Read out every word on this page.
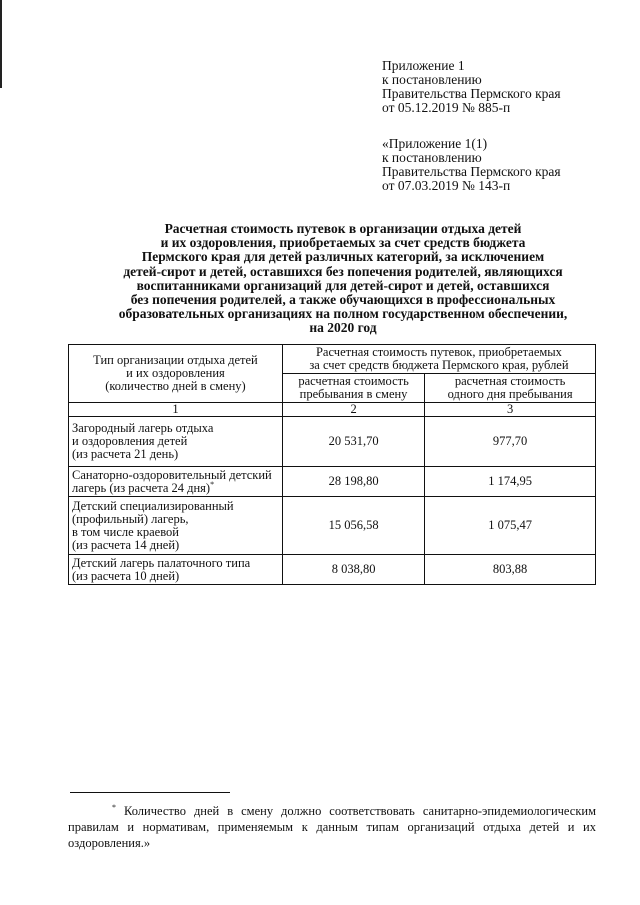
Приложение 1
к постановлению
Правительства Пермского края
от 05.12.2019 № 885-п
«Приложение 1(1)
к постановлению
Правительства Пермского края
от 07.03.2019 № 143-п
Расчетная стоимость путевок в организации отдыха детей
и их оздоровления, приобретаемых за счет средств бюджета
Пермского края для детей различных категорий, за исключением
детей-сирот и детей, оставшихся без попечения родителей, являющихся
воспитанниками организаций для детей-сирот и детей, оставшихся
без попечения родителей, а также обучающихся в профессиональных
образовательных организациях на полном государственном обеспечении,
на 2020 год
Тип организации отдыха детей
и их оздоровления
(количество дней в смену)	Расчетная стоимость путевок, приобретаемых
за счет средств бюджета Пермского края, рублей	

	расчетная стоимость
пребывания в смену	расчетная стоимость
одного дня пребывания

1	2	3

Загородный лагерь отдыха
и оздоровления детей
(из расчета 21 день)	20 531,70	977,70

Санаторно-оздоровительный детский
лагерь (из расчета 24 дня)*	28 198,80	1 174,95

Детский специализированный
(профильный) лагерь,
в том числе краевой
(из расчета 14 дней)	15 056,58	1 075,47

Детский лагерь палаточного типа
(из расчета 10 дней)	8 038,80	803,88
* Количество дней в смену должно соответствовать санитарно-эпидемиологическим правилам и нормативам, применяемым к данным типам организаций отдыха детей и их оздоровления.»
